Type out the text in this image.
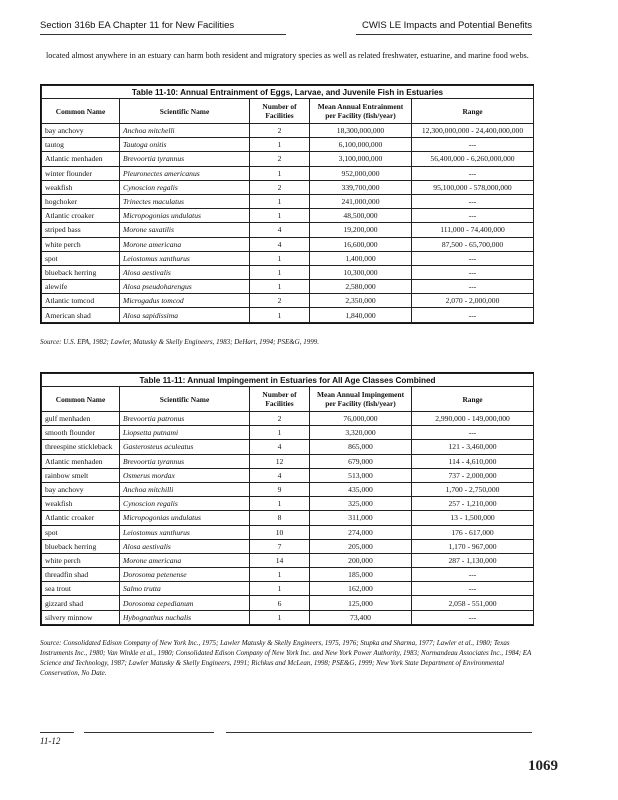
Section 316b EA Chapter 11 for New Facilities	CWIS LE Impacts and Potential Benefits
located almost anywhere in an estuary can harm both resident and migratory species as well as related freshwater, estuarine, and marine food webs.
Table 11-10: Annual Entrainment of Eggs, Larvae, and Juvenile Fish in Estuaries				
Common Name	Scientific Name	Number of Facilities	Mean Annual Entrainment per Facility (fish/year)	Range
bay anchovy	Anchoa mitchelli	2	18,300,000,000	12,300,000,000 - 24,400,000,000
tautog	Tautoga onitis	1	6,100,000,000	---
Atlantic menhaden	Brevoortia tyrannus	2	3,100,000,000	56,400,000 - 6,260,000,000
winter flounder	Pleuronectes americanus	1	952,000,000	---
weakfish	Cynoscion regalis	2	339,700,000	95,100,000 - 578,000,000
hogchoker	Trinectes maculatus	1	241,000,000	---
Atlantic croaker	Micropogonias undulatus	1	48,500,000	---
striped bass	Morone saxatilis	4	19,200,000	111,000 - 74,400,000
white perch	Morone americana	4	16,600,000	87,500 - 65,700,000
spot	Leiostomus xanthurus	1	1,400,000	---
blueback herring	Alosa aestivalis	1	10,300,000	---
alewife	Alosa pseudoharengus	1	2,580,000	---
Atlantic tomcod	Microgadus tomcod	2	2,350,000	2,070 - 2,000,000
American shad	Alosa sapidissima	1	1,840,000	---
Source: U.S. EPA, 1982; Lawler, Matusky & Skelly Engineers, 1983; DeHart, 1994; PSE&G, 1999.
Table 11-11: Annual Impingement in Estuaries for All Age Classes Combined				
Common Name	Scientific Name	Number of Facilities	Mean Annual Impingement per Facility (fish/year)	Range
gulf menhaden	Brevoortia patronus	2	76,000,000	2,990,000 - 149,000,000
smooth flounder	Liopsetta putnami	1	3,320,000	---
threespine stickleback	Gasterosteus aculeatus	4	865,000	121 - 3,460,000
Atlantic menhaden	Brevoortia tyrannus	12	679,000	114 - 4,610,000
rainbow smelt	Osmerus mordax	4	513,000	737 - 2,000,000
bay anchovy	Anchoa mitchilli	9	435,000	1,700 - 2,750,000
weakfish	Cynoscion regalis	1	325,000	257 - 1,210,000
Atlantic croaker	Micropogonias undulatus	8	311,000	13 - 1,500,000
spot	Leiostomus xanthurus	10	274,000	176 - 617,000
blueback herring	Alosa aestivalis	7	205,000	1,170 - 967,000
white perch	Morone americana	14	200,000	287 - 1,130,000
threadfin shad	Dorosoma petenense	1	185,000	---
sea trout	Salmo trutta	1	162,000	---
gizzard shad	Dorosoma cepedianum	6	125,000	2,058 - 551,000
silvery minnow	Hybognathus nuchalis	1	73,400	---
Source: Consolidated Edison Company of New York Inc., 1975; Lawler Matusky & Skelly Engineers, 1975, 1976; Stupka and Sharma, 1977; Lawler et al., 1980; Texas Instruments Inc., 1980; Van Winkle et al., 1980; Consolidated Edison Company of New York Inc. and New York Power Authority, 1983; Normandeau Associates Inc., 1984; EA Science and Technology, 1987; Lawler Matusky & Skelly Engineers, 1991; Richkus and McLean, 1998; PSE&G, 1999; New York State Department of Environmental Conservation, No Date.
11-12
1069
